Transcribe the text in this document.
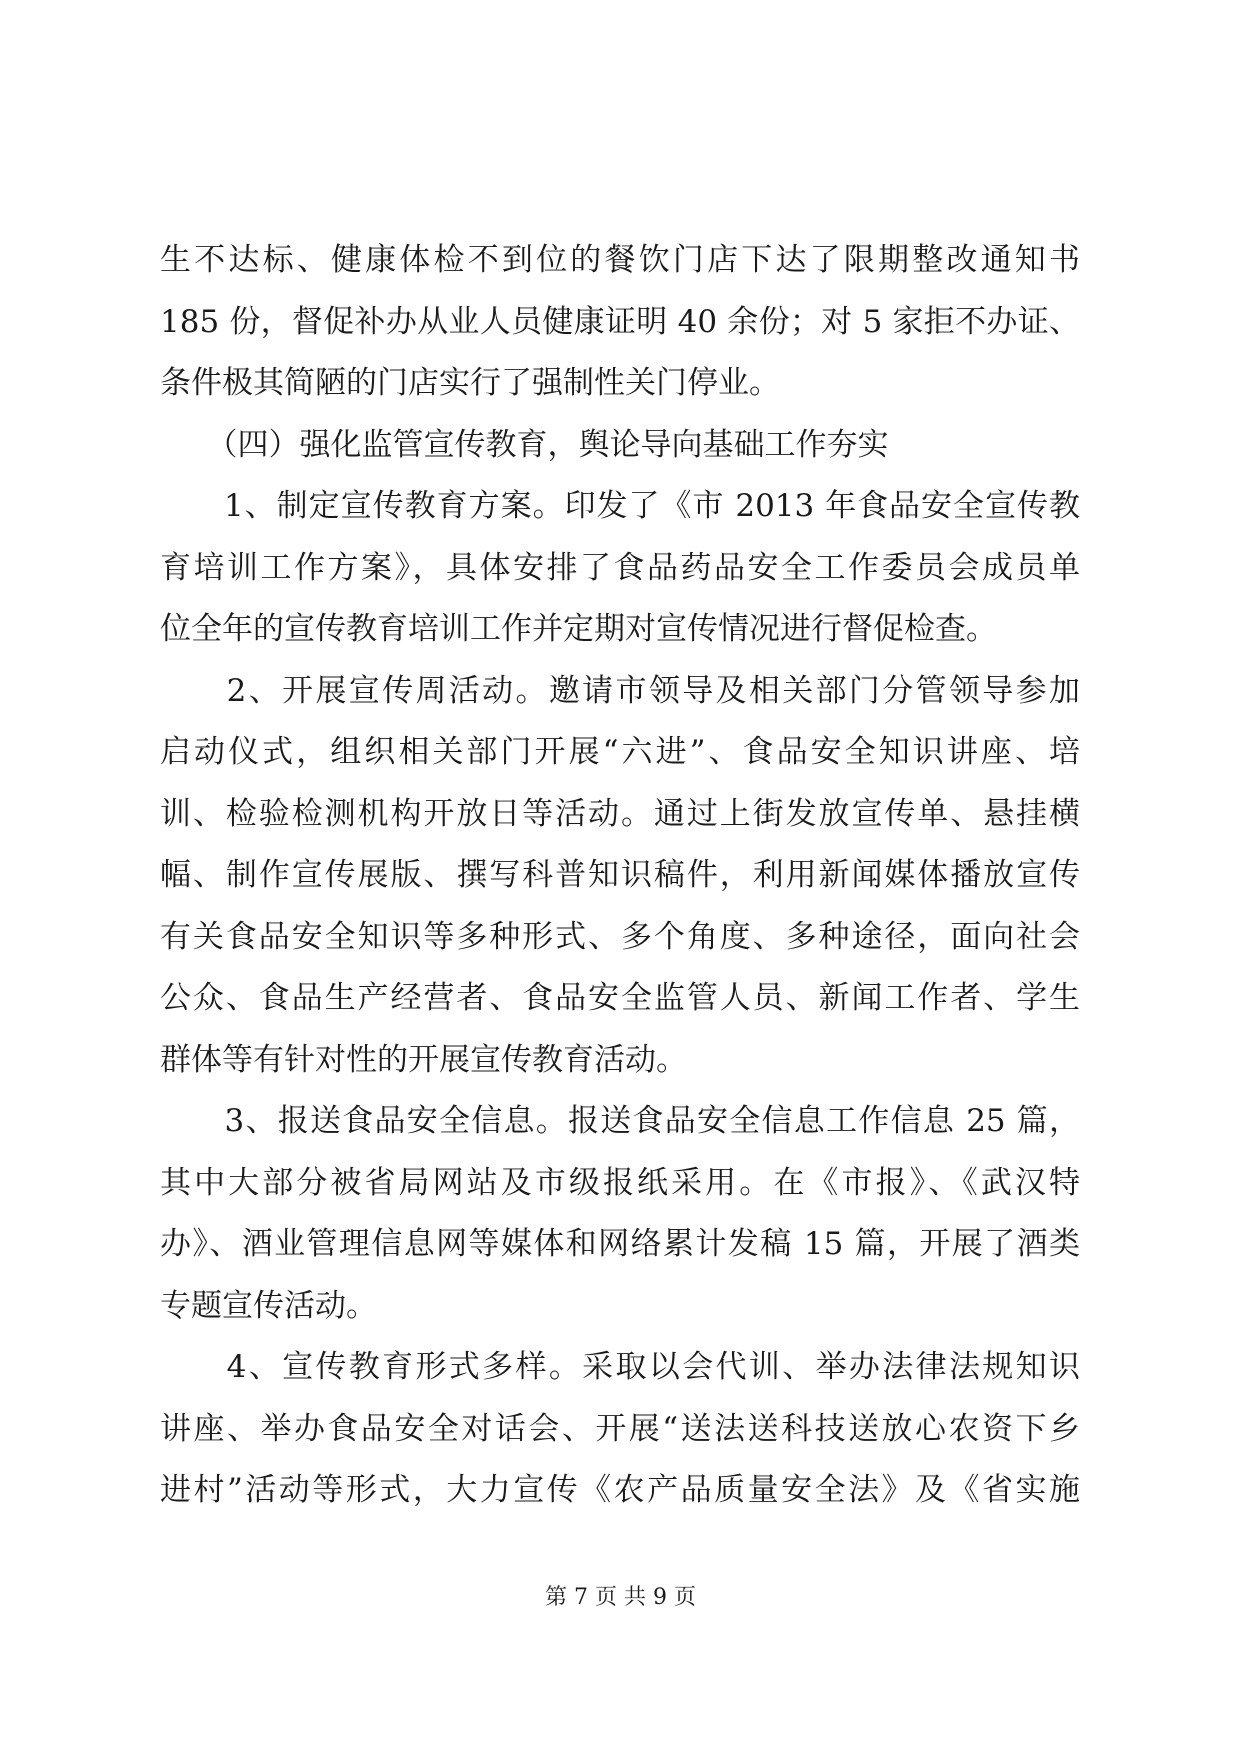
生不达标、健康体检不到位的餐饮门店下达了限期整改通知书
185 份，督促补办从业人员健康证明 40 余份；对 5 家拒不办证、
条件极其简陋的门店实行了强制性关门停业。
　　（四）强化监管宣传教育，舆论导向基础工作夯实
　　1、制定宣传教育方案。印发了《市 2013 年食品安全宣传教
育培训工作方案》，具体安排了食品药品安全工作委员会成员单
位全年的宣传教育培训工作并定期对宣传情况进行督促检查。
　　2、开展宣传周活动。邀请市领导及相关部门分管领导参加
启动仪式，组织相关部门开展“六进”、食品安全知识讲座、培
训、检验检测机构开放日等活动。通过上街发放宣传单、悬挂横
幅、制作宣传展版、撰写科普知识稿件，利用新闻媒体播放宣传
有关食品安全知识等多种形式、多个角度、多种途径，面向社会
公众、食品生产经营者、食品安全监管人员、新闻工作者、学生
群体等有针对性的开展宣传教育活动。
　　3、报送食品安全信息。报送食品安全信息工作信息 25 篇，
其中大部分被省局网站及市级报纸采用。在《市报》、《武汉特
办》、酒业管理信息网等媒体和网络累计发稿 15 篇，开展了酒类
专题宣传活动。
　　4、宣传教育形式多样。采取以会代训、举办法律法规知识
讲座、举办食品安全对话会、开展“送法送科技送放心农资下乡
进村”活动等形式，大力宣传《农产品质量安全法》及《省实施
第 7 页 共 9 页
